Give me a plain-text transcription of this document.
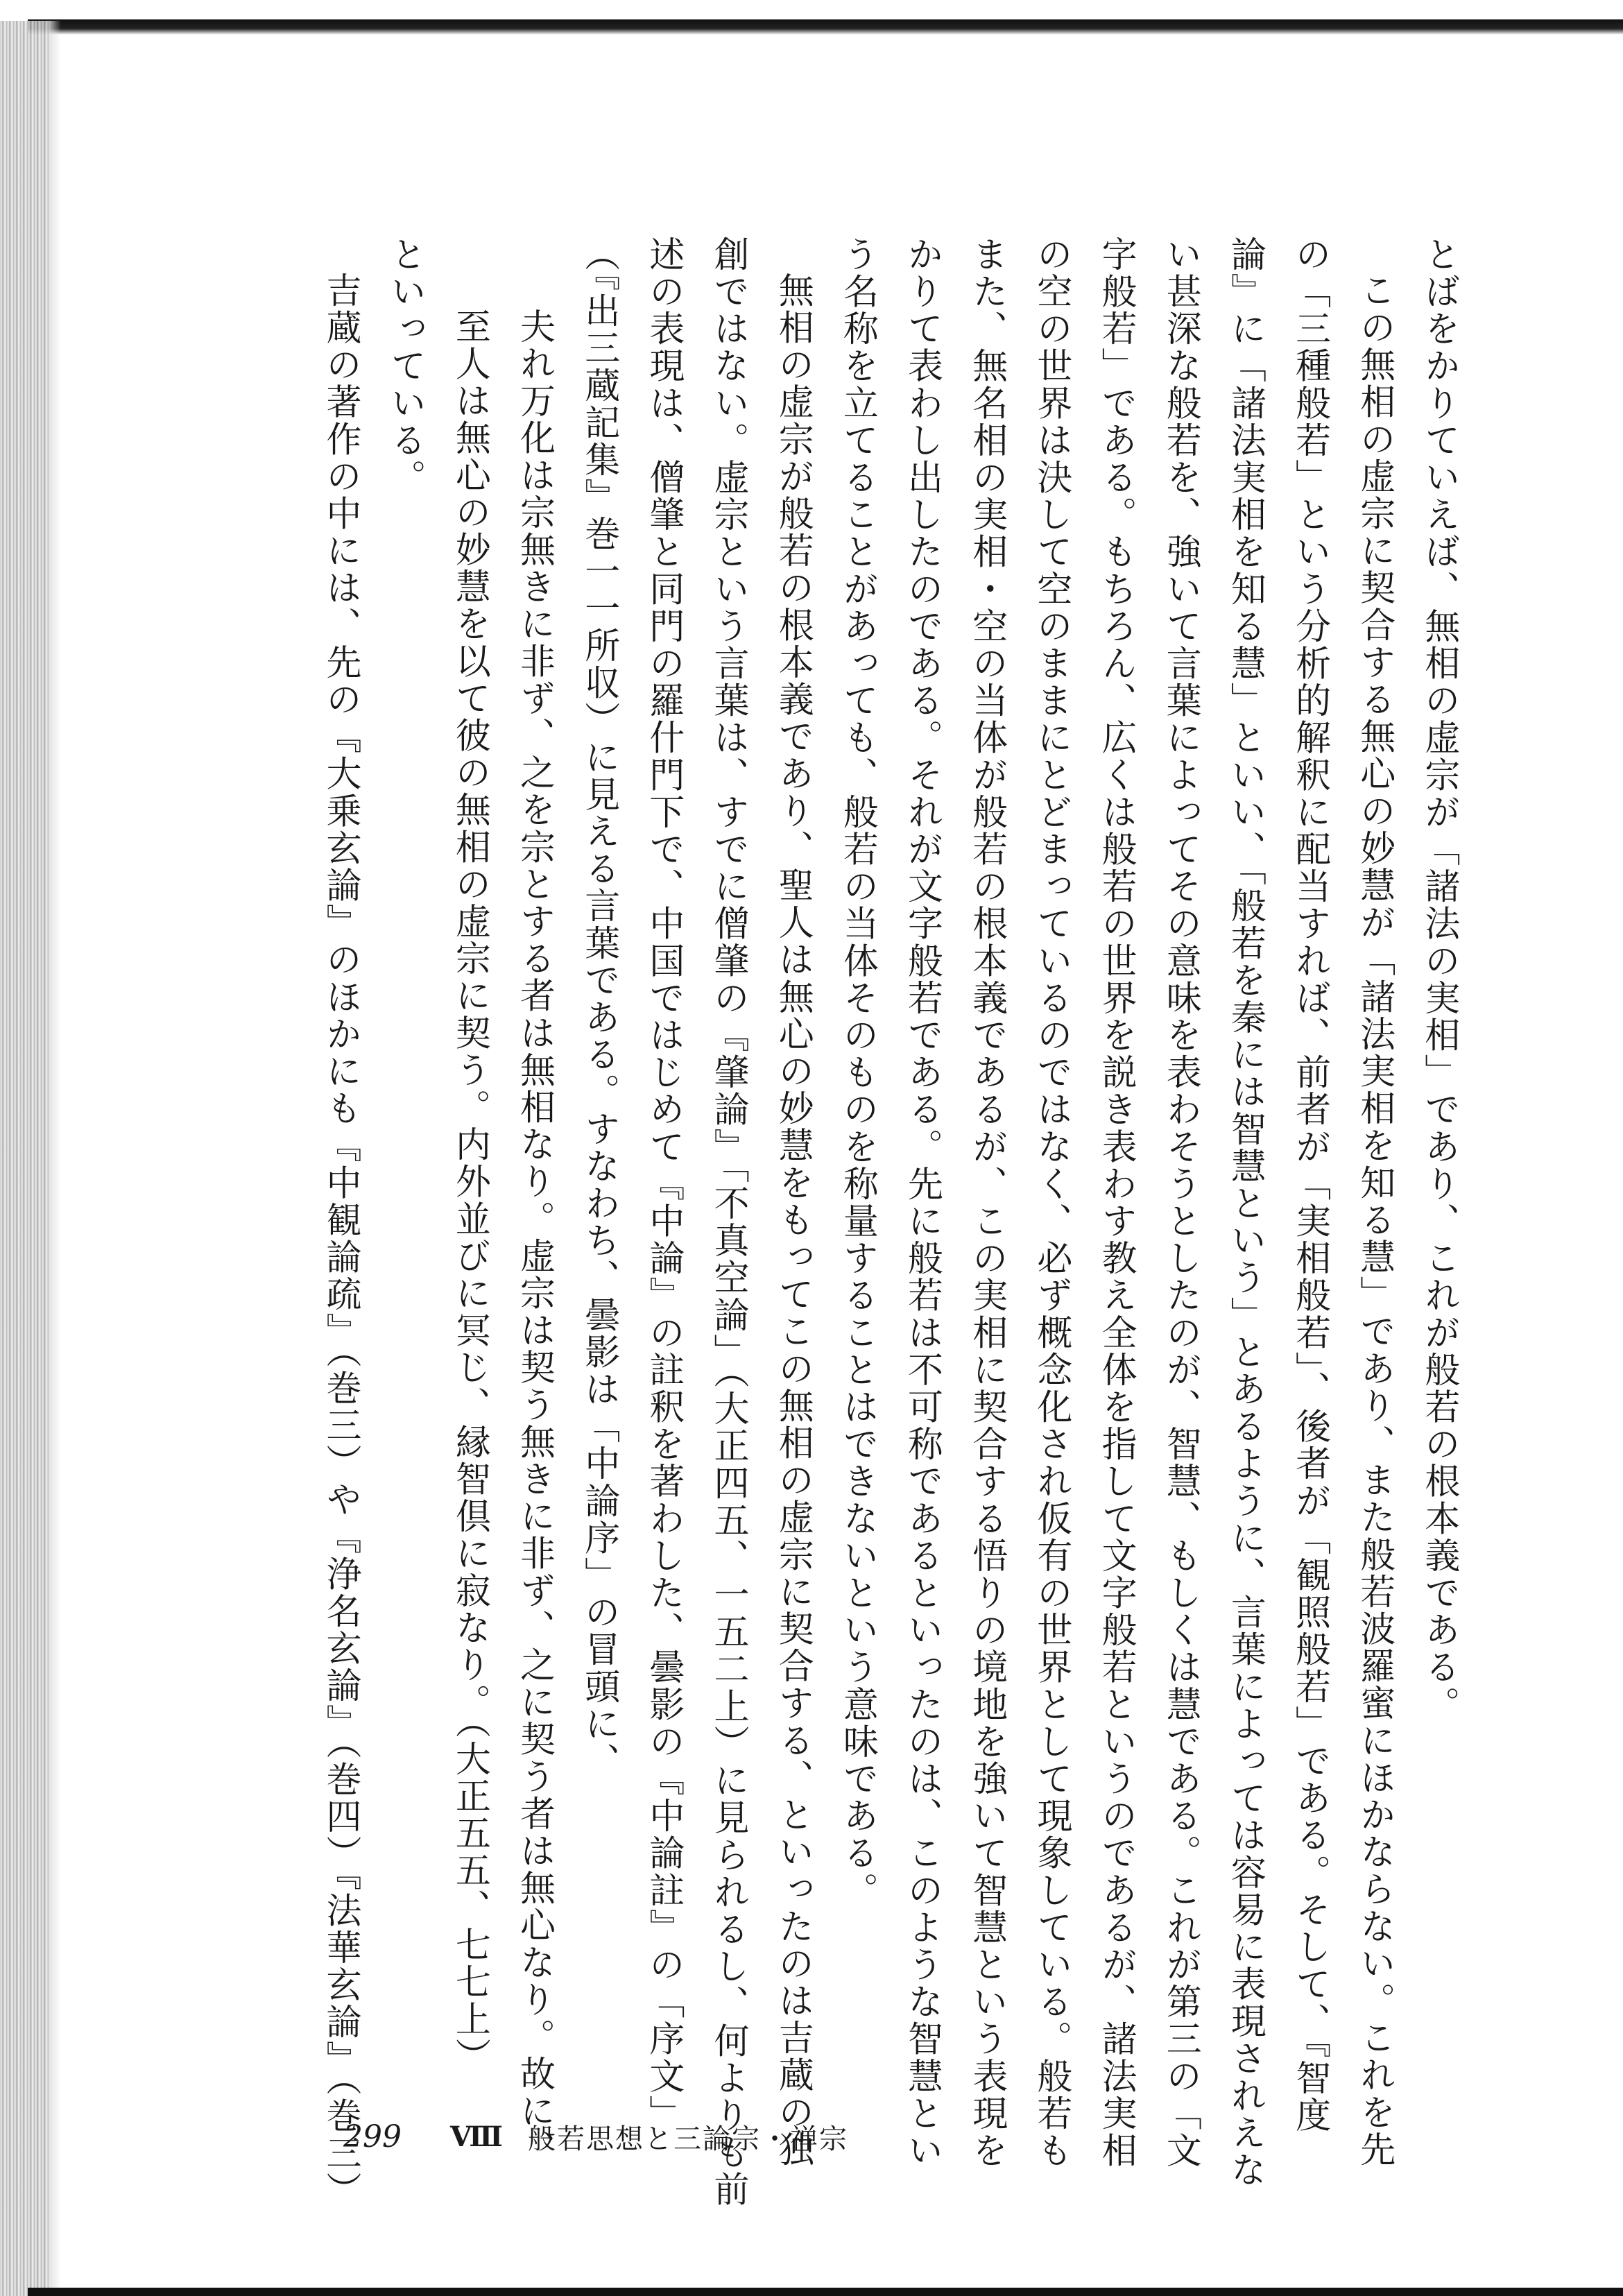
とばをかりていえば、無相の虚宗が「諸法の実相」であり、これが般若の根本義である。
この無相の虚宗に契合する無心の妙慧が「諸法実相を知る慧」であり、また般若波羅蜜にほかならない。これを先
の「三種般若」という分析的解釈に配当すれば、前者が「実相般若」、後者が「観照般若」である。そして、『智度
論』に「諸法実相を知る慧」といい、「般若を秦には智慧という」とあるように、言葉によっては容易に表現されえな
い甚深な般若を、強いて言葉によってその意味を表わそうとしたのが、智慧、もしくは慧である。これが第三の「文
字般若」である。もちろん、広くは般若の世界を説き表わす教え全体を指して文字般若というのであるが、諸法実相
の空の世界は決して空のままにとどまっているのではなく、必ず概念化され仮有の世界として現象している。般若も
また、無名相の実相・空の当体が般若の根本義であるが、この実相に契合する悟りの境地を強いて智慧という表現を
かりて表わし出したのである。それが文字般若である。先に般若は不可称であるといったのは、このような智慧とい
う名称を立てることがあっても、般若の当体そのものを称量することはできないという意味である。
無相の虚宗が般若の根本義であり、聖人は無心の妙慧をもってこの無相の虚宗に契合する、といったのは吉蔵の独
創ではない。虚宗という言葉は、すでに僧肇の『肇論』「不真空論」（大正四五、一五二上）に見られるし、何よりも前
述の表現は、僧肇と同門の羅什門下で、中国ではじめて『中論』の註釈を著わした、曇影の『中論註』の「序文」
（『出三蔵記集』巻一一所収）に見える言葉である。すなわち、曇影は「中論序」の冒頭に、
夫れ万化は宗無きに非ず、之を宗とする者は無相なり。虚宗は契う無きに非ず、之に契う者は無心なり。故に、
至人は無心の妙慧を以て彼の無相の虚宗に契う。内外並びに冥じ、縁智倶に寂なり。（大正五五、七七上）
といっている。
吉蔵の著作の中には、先の『大乗玄論』のほかにも『中観論疏』（巻三）や『浄名玄論』（巻四）『法華玄論』（巻三）
299 Ⅷ 般若思想と三論宗・禅宗
